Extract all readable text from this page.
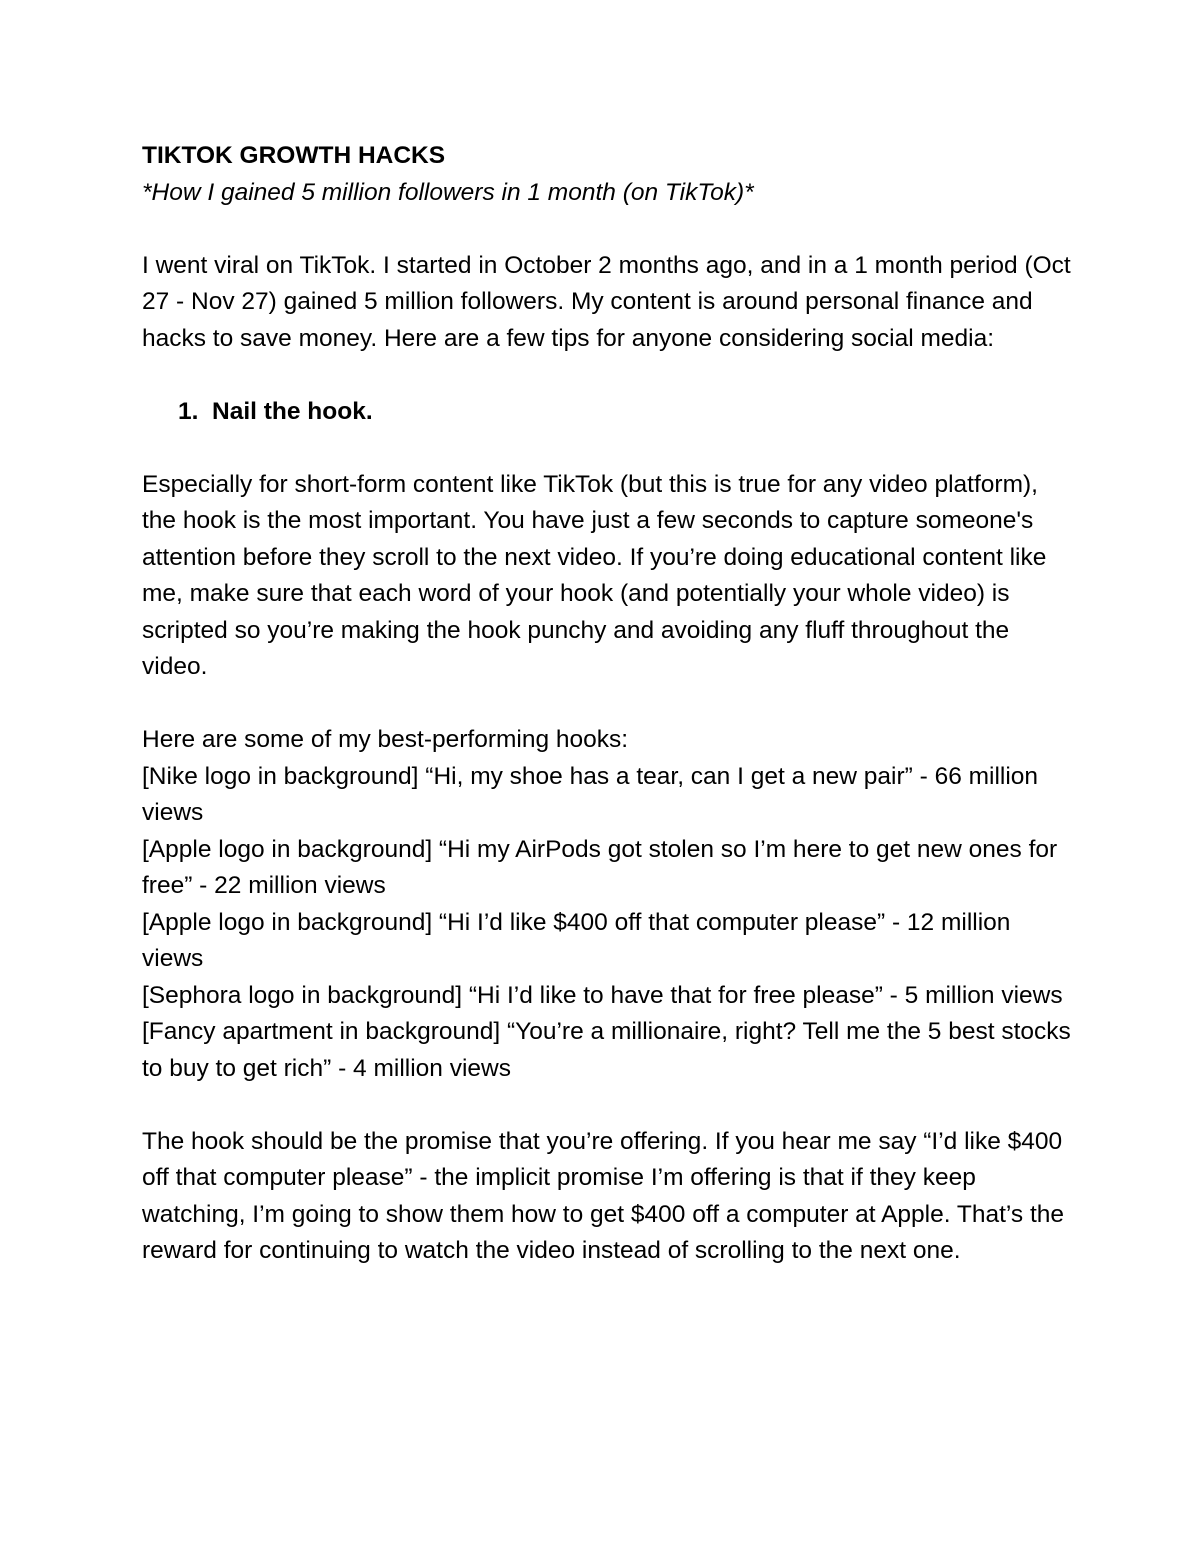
TIKTOK GROWTH HACKS

*How I gained 5 million followers in 1 month (on TikTok)*

I went viral on TikTok. I started in October 2 months ago, and in a 1 month period (Oct 27 - Nov 27) gained 5 million followers. My content is around personal finance and hacks to save money. Here are a few tips for anyone considering social media:

1. Nail the hook.

Especially for short-form content like TikTok (but this is true for any video platform), the hook is the most important. You have just a few seconds to capture someone's attention before they scroll to the next video. If you’re doing educational content like me, make sure that each word of your hook (and potentially your whole video) is scripted so you’re making the hook punchy and avoiding any fluff throughout the video.

Here are some of my best-performing hooks:

[Nike logo in background] “Hi, my shoe has a tear, can I get a new pair” - 66 million views

[Apple logo in background] “Hi my AirPods got stolen so I’m here to get new ones for free” - 22 million views

[Apple logo in background] “Hi I’d like $400 off that computer please” - 12 million views

[Sephora logo in background] “Hi I’d like to have that for free please” - 5 million views

[Fancy apartment in background] “You’re a millionaire, right? Tell me the 5 best stocks to buy to get rich” - 4 million views

The hook should be the promise that you’re offering. If you hear me say “I’d like $400 off that computer please” - the implicit promise I’m offering is that if they keep watching, I’m going to show them how to get $400 off a computer at Apple. That’s the reward for continuing to watch the video instead of scrolling to the next one.
